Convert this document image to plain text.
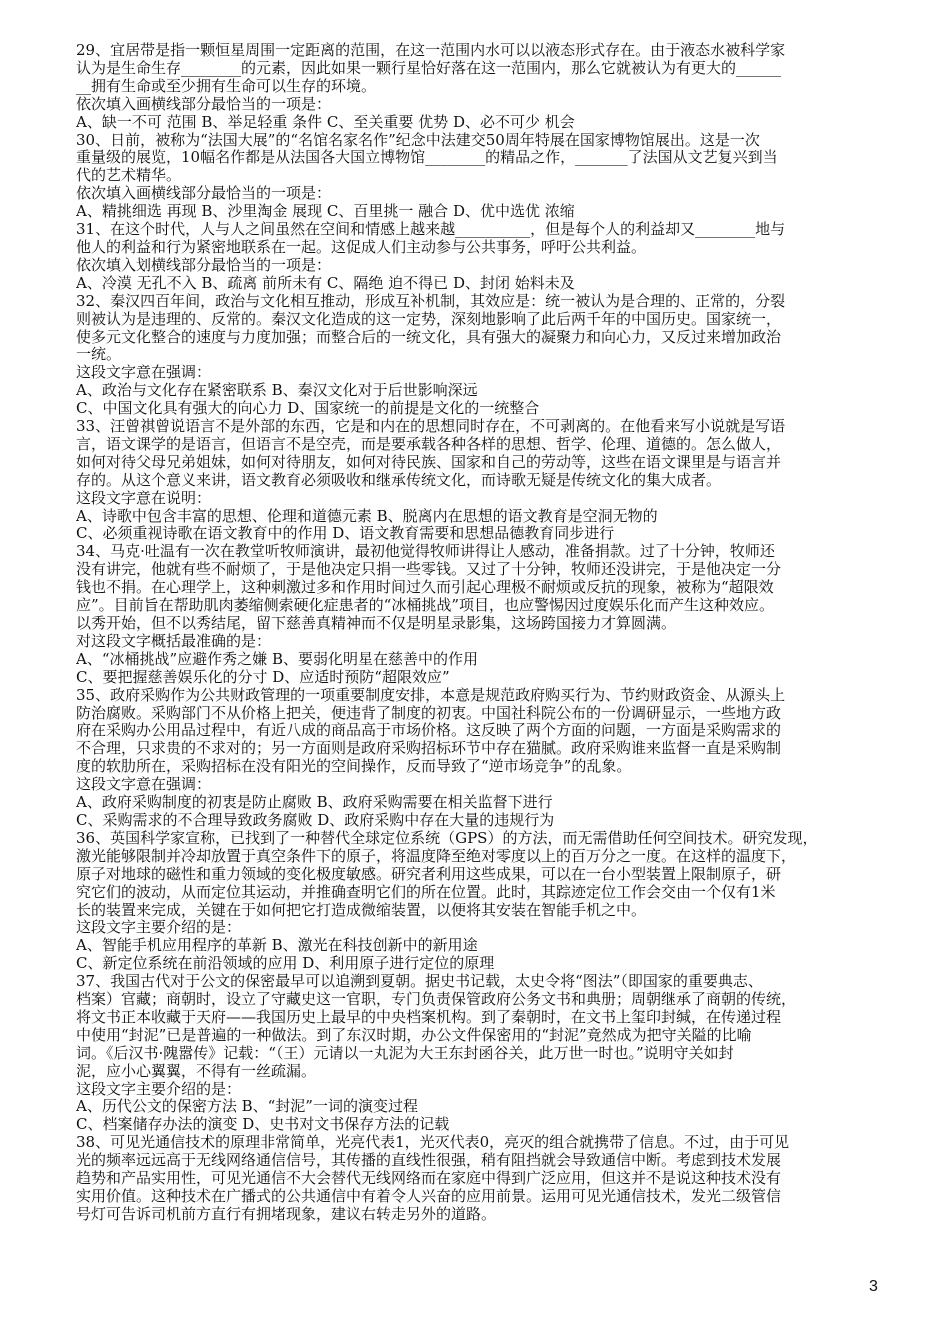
29、宜居带是指一颗恒星周围一定距离的范围，在这一范围内水可以以液态形式存在。由于液态水被科学家
认为是生命生存________的元素，因此如果一颗行星恰好落在这一范围内，那么它就被认为有更大的______
__拥有生命或至少拥有生命可以生存的环境。
依次填入画横线部分最恰当的一项是：
A、缺一不可 范围 B、举足轻重 条件 C、至关重要 优势 D、必不可少 机会
30、日前，被称为“法国大展”的“名馆名家名作”纪念中法建交50周年特展在国家博物馆展出。这是一次
重量级的展览，10幅名作都是从法国各大国立博物馆________的精品之作，_______了法国从文艺复兴到当
代的艺术精华。
依次填入画横线部分最恰当的一项是：
A、精挑细选 再现 B、沙里淘金 展现 C、百里挑一 融合 D、优中选优 浓缩
31、在这个时代，人与人之间虽然在空间和情感上越来越__________，但是每个人的利益却又________地与
他人的利益和行为紧密地联系在一起。这促成人们主动参与公共事务，呼吁公共利益。
依次填入划横线部分最恰当的一项是：
A、冷漠 无孔不入 B、疏离 前所未有 C、隔绝 迫不得已 D、封闭 始料未及
32、秦汉四百年间，政治与文化相互推动，形成互补机制，其效应是：统一被认为是合理的、正常的，分裂
则被认为是违理的、反常的。秦汉文化造成的这一定势，深刻地影响了此后两千年的中国历史。国家统一，
使多元文化整合的速度与力度加强；而整合后的一统文化，具有强大的凝聚力和向心力，又反过来增加政治
一统。
这段文字意在强调：
A、政治与文化存在紧密联系 B、秦汉文化对于后世影响深远
C、中国文化具有强大的向心力 D、国家统一的前提是文化的一统整合
33、汪曾祺曾说语言不是外部的东西，它是和内在的思想同时存在，不可剥离的。在他看来写小说就是写语
言，语文课学的是语言，但语言不是空壳，而是要承载各种各样的思想、哲学、伦理、道德的。怎么做人，
如何对待父母兄弟姐妹，如何对待朋友，如何对待民族、国家和自己的劳动等，这些在语文课里是与语言并
存的。从这个意义来讲，语文教育必须吸收和继承传统文化，而诗歌无疑是传统文化的集大成者。
这段文字意在说明：
A、诗歌中包含丰富的思想、伦理和道德元素 B、脱离内在思想的语文教育是空洞无物的
C、必须重视诗歌在语文教育中的作用 D、语文教育需要和思想品德教育同步进行
34、马克·吐温有一次在教堂听牧师演讲，最初他觉得牧师讲得让人感动，准备捐款。过了十分钟，牧师还
没有讲完，他就有些不耐烦了，于是他决定只捐一些零钱。又过了十分钟，牧师还没讲完，于是他决定一分
钱也不捐。在心理学上，这种刺激过多和作用时间过久而引起心理极不耐烦或反抗的现象，被称为“超限效
应”。目前旨在帮助肌肉萎缩侧索硬化症患者的“冰桶挑战”项目，也应警惕因过度娱乐化而产生这种效应。
以秀开始，但不以秀结尾，留下慈善真精神而不仅是明星录影集，这场跨国接力才算圆满。
对这段文字概括最准确的是：
A、“冰桶挑战”应避作秀之嫌 B、要弱化明星在慈善中的作用
C、要把握慈善娱乐化的分寸 D、应适时预防“超限效应”
35、政府采购作为公共财政管理的一项重要制度安排，本意是规范政府购买行为、节约财政资金、从源头上
防治腐败。采购部门不从价格上把关，便违背了制度的初衷。中国社科院公布的一份调研显示，一些地方政
府在采购办公用品过程中，有近八成的商品高于市场价格。这反映了两个方面的问题，一方面是采购需求的
不合理，只求贵的不求对的；另一方面则是政府采购招标环节中存在猫腻。政府采购谁来监督一直是采购制
度的软肋所在，采购招标在没有阳光的空间操作，反而导致了“逆市场竞争”的乱象。
这段文字意在强调：
A、政府采购制度的初衷是防止腐败 B、政府采购需要在相关监督下进行
C、采购需求的不合理导致政务腐败 D、政府采购中存在大量的违规行为
36、英国科学家宣称，已找到了一种替代全球定位系统（GPS）的方法，而无需借助任何空间技术。研究发现，
激光能够限制并冷却放置于真空条件下的原子，将温度降至绝对零度以上的百万分之一度。在这样的温度下，
原子对地球的磁性和重力领域的变化极度敏感。研究者利用这些成果，可以在一台小型装置上限制原子，研
究它们的波动，从而定位其运动，并推确查明它们的所在位置。此时，其踪迹定位工作会交由一个仅有1米
长的装置来完成，关键在于如何把它打造成微缩装置，以便将其安装在智能手机之中。
这段文字主要介绍的是：
A、智能手机应用程序的革新 B、激光在科技创新中的新用途
C、新定位系统在前沿领域的应用 D、利用原子进行定位的原理
37、我国古代对于公文的保密最早可以追溯到夏朝。据史书记载，太史令将“图法”（即国家的重要典志、
档案）官藏；商朝时，设立了守藏史这一官职，专门负责保管政府公务文书和典册；周朝继承了商朝的传统，
将文书正本收藏于天府——我国历史上最早的中央档案机构。到了秦朝时，在文书上玺印封缄，在传递过程
中使用“封泥”已是普遍的一种做法。到了东汉时期，办公文件保密用的“封泥”竟然成为把守关隘的比喻
词。《后汉书·隗嚣传》记载：“（王）元请以一丸泥为大王东封函谷关，此万世一时也。”说明守关如封
泥，应小心翼翼，不得有一丝疏漏。
这段文字主要介绍的是：
A、历代公文的保密方法 B、“封泥”一词的演变过程
C、档案储存办法的演变 D、史书对文书保存方法的记载
38、可见光通信技术的原理非常简单，光亮代表1，光灭代表0，亮灭的组合就携带了信息。不过，由于可见
光的频率远远高于无线网络通信信号，其传播的直线性很强，稍有阻挡就会导致通信中断。考虑到技术发展
趋势和产品实用性，可见光通信不大会替代无线网络而在家庭中得到广泛应用，但这并不是说这种技术没有
实用价值。这种技术在广播式的公共通信中有着令人兴奋的应用前景。运用可见光通信技术，发光二级管信
号灯可告诉司机前方直行有拥堵现象，建议右转走另外的道路。
3
